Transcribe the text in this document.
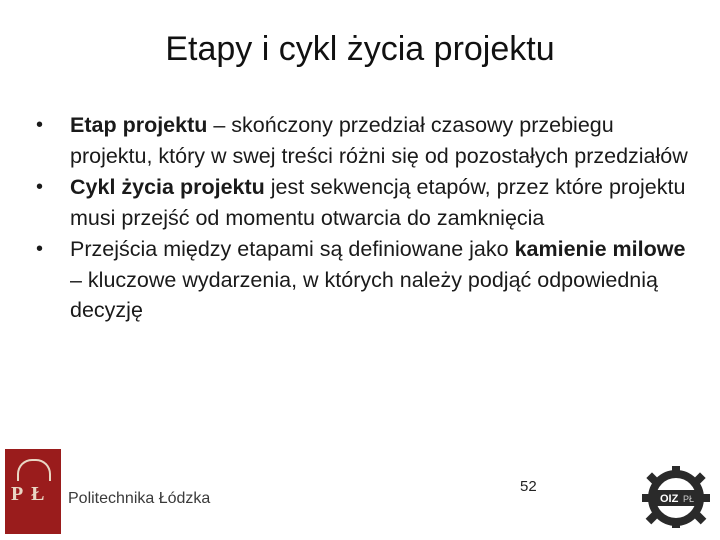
Etapy i cykl życia projektu
• Etap projektu – skończony przedział czasowy przebiegu projektu, który w swej treści różni się od pozostałych przedziałów
• Cykl życia projektu jest sekwencją etapów, przez które projektu musi przejść od momentu otwarcia do zamknięcia
• Przejścia między etapami są definiowane jako kamienie milowe – kluczowe wydarzenia, w których należy podjąć odpowiednią decyzję
P Ł Politechnika Łódzka
52
OIZ PŁ
